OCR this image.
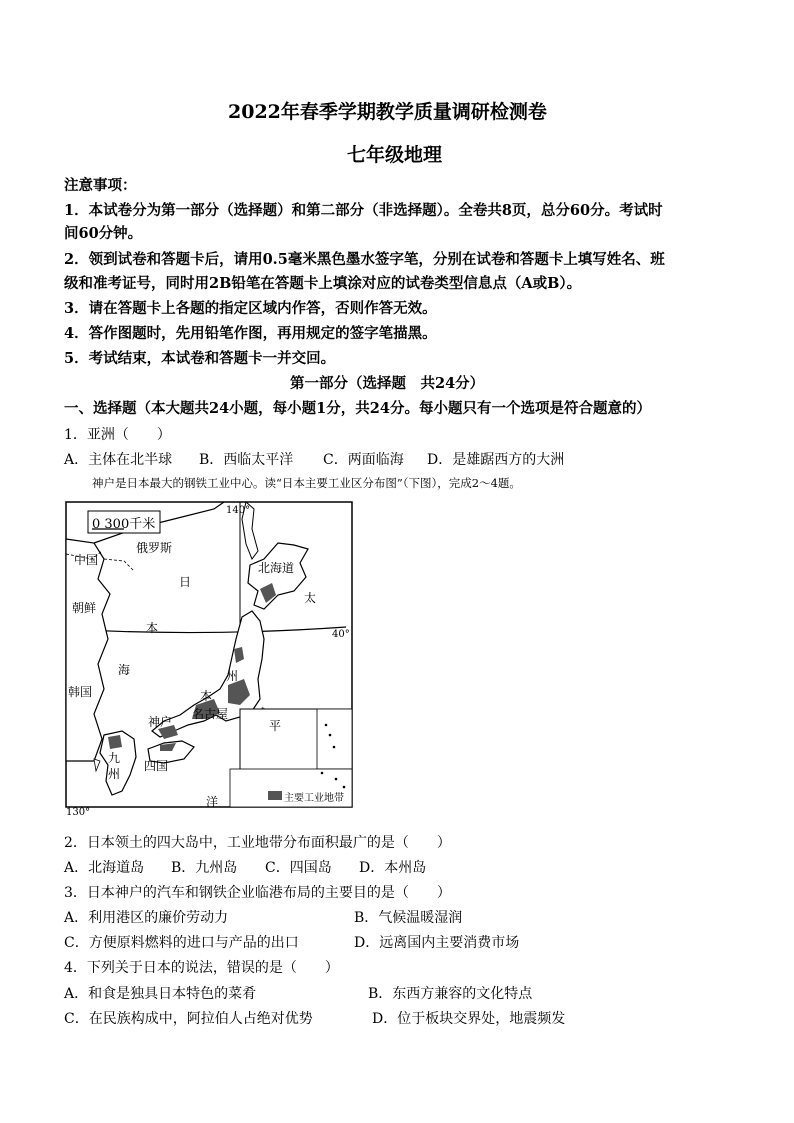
2022年春季学期教学质量调研检测卷
七年级地理
注意事项：
1．本试卷分为第一部分（选择题）和第二部分（非选择题）。全卷共8页，总分60分。考试时
间60分钟。
2．领到试卷和答题卡后，请用0.5毫米黑色墨水签字笔，分别在试卷和答题卡上填写姓名、班
级和准考证号，同时用2B铅笔在答题卡上填涂对应的试卷类型信息点（A或B）。
3．请在答题卡上各题的指定区域内作答，否则作答无效。
4．答作图题时，先用铅笔作图，再用规定的签字笔描黑。
5．考试结束，本试卷和答题卡一并交回。
第一部分（选择题　共24分）
一、选择题（本大题共24小题，每小题1分，共24分。每小题只有一个选项是符合题意的）
1．亚洲（　　）
A．主体在北半球 B．西临太平洋 C．两面临海 D．是雄踞西方的大洲
神户是日本最大的钢铁工业中心。读“日本主要工业区分布图”（下图），完成2～4题。
0 300千米
140°
130°
40°
中国
俄罗斯
日
本
海
朝鲜
韩国
北海道
太
平
洋
本
州
名古屋
神户
四国
九
州
主要工业地带
2．日本领土的四大岛中，工业地带分布面积最广的是（　　）
A．北海道岛 B．九州岛 C．四国岛 D．本州岛
3．日本神户的汽车和钢铁企业临港布局的主要目的是（　　）
A．利用港区的廉价劳动力	B．气候温暖湿润
C．方便原料燃料的进口与产品的出口	D．远离国内主要消费市场
4．下列关于日本的说法，错误的是（　　）
A．和食是独具日本特色的菜肴	B．东西方兼容的文化特点
C．在民族构成中，阿拉伯人占绝对优势	D．位于板块交界处，地震频发
